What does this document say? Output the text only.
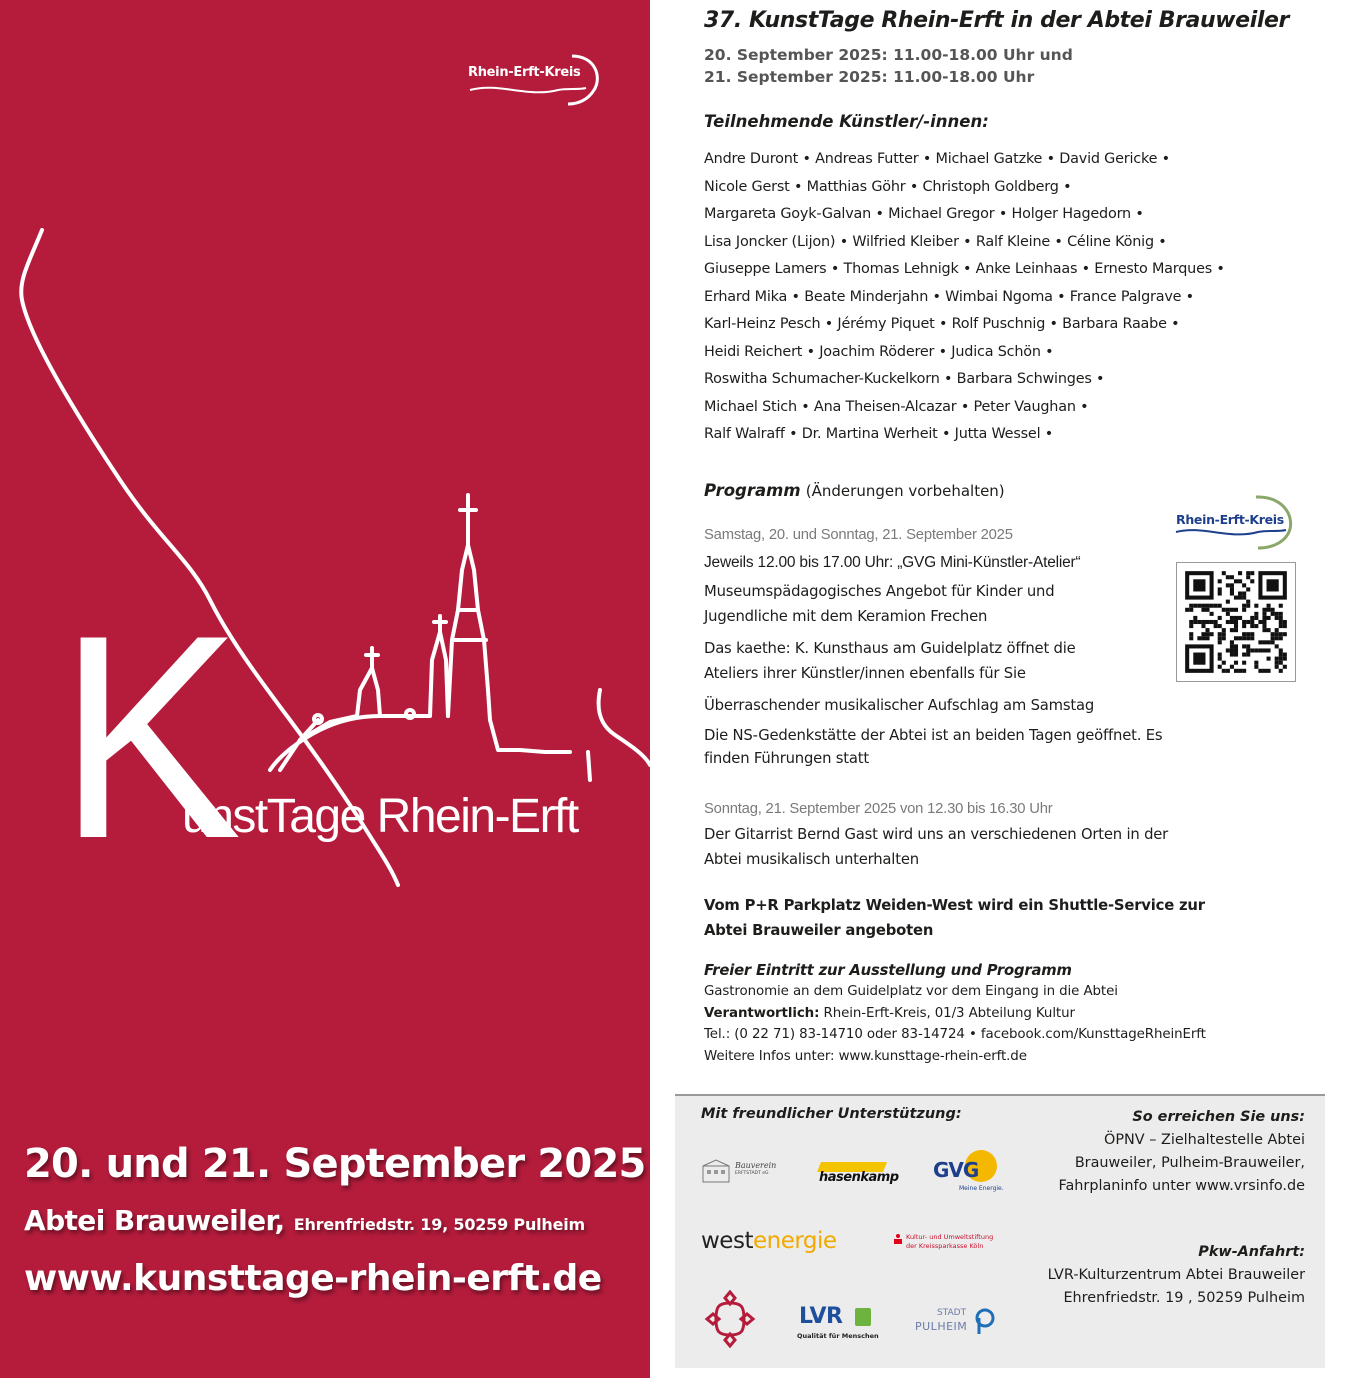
Rhein-Erft-Kreis
K
unstTage Rhein-Erft
20. und 21. September 2025
Abtei Brauweiler, Ehrenfriedstr. 19, 50259 Pulheim
www.kunsttage-rhein-erft.de
37. KunstTage Rhein-Erft in der Abtei Brauweiler
20. September 2025: 11.00-18.00 Uhr und
21. September 2025: 11.00-18.00 Uhr
Teilnehmende Künstler/-innen:
Andre Duront • Andreas Futter • Michael Gatzke • David Gericke •
Nicole Gerst • Matthias Göhr • Christoph Goldberg •
Margareta Goyk-Galvan • Michael Gregor • Holger Hagedorn •
Lisa Joncker (Lijon) • Wilfried Kleiber • Ralf Kleine • Céline König •
Giuseppe Lamers • Thomas Lehnigk • Anke Leinhaas • Ernesto Marques •
Erhard Mika • Beate Minderjahn • Wimbai Ngoma • France Palgrave •
Karl-Heinz Pesch • Jérémy Piquet • Rolf Puschnig • Barbara Raabe •
Heidi Reichert • Joachim Röderer • Judica Schön •
Roswitha Schumacher-Kuckelkorn • Barbara Schwinges •
Michael Stich • Ana Theisen-Alcazar • Peter Vaughan •
Ralf Walraff • Dr. Martina Werheit • Jutta Wessel •
Programm (Änderungen vorbehalten)
Samstag, 20. und Sonntag, 21. September 2025
Jeweils 12.00 bis 17.00 Uhr: „GVG Mini-Künstler-Atelier“
Museumspädagogisches Angebot für Kinder und
Jugendliche mit dem Keramion Frechen
Das kaethe: K. Kunsthaus am Guidelplatz öffnet die
Ateliers ihrer Künstler/innen ebenfalls für Sie
Überraschender musikalischer Aufschlag am Samstag
Die NS-Gedenkstätte der Abtei ist an beiden Tagen geöffnet. Es
finden Führungen statt
Sonntag, 21. September 2025 von 12.30 bis 16.30 Uhr
Der Gitarrist Bernd Gast wird uns an verschiedenen Orten in der
Abtei musikalisch unterhalten
Vom P+R Parkplatz Weiden-West wird ein Shuttle-Service zur
Abtei Brauweiler angeboten
Freier Eintritt zur Ausstellung und Programm
Gastronomie an dem Guidelplatz vor dem Eingang in die Abtei
Verantwortlich: Rhein-Erft-Kreis, 01/3 Abteilung Kultur
Tel.: (0 22 71) 83-14710 oder 83-14724 • facebook.com/KunsttageRheinErft
Weitere Infos unter: www.kunsttage-rhein-erft.de
Rhein-Erft-Kreis
Mit freundlicher Unterstützung:
Bauverein
ERFTSTADT eG	hasenkamp GVG
Meine Energie.
westenergie	Kultur- und Umweltstiftung
der Kreissparkasse Köln
LVR
Qualität für Menschen
STADT
PULHEIM
So erreichen Sie uns:
ÖPNV – Zielhaltestelle Abtei
Brauweiler, Pulheim-Brauweiler,
Fahrplaninfo unter www.vrsinfo.de
Pkw-Anfahrt:
LVR-Kulturzentrum Abtei Brauweiler
Ehrenfriedstr. 19 , 50259 Pulheim
